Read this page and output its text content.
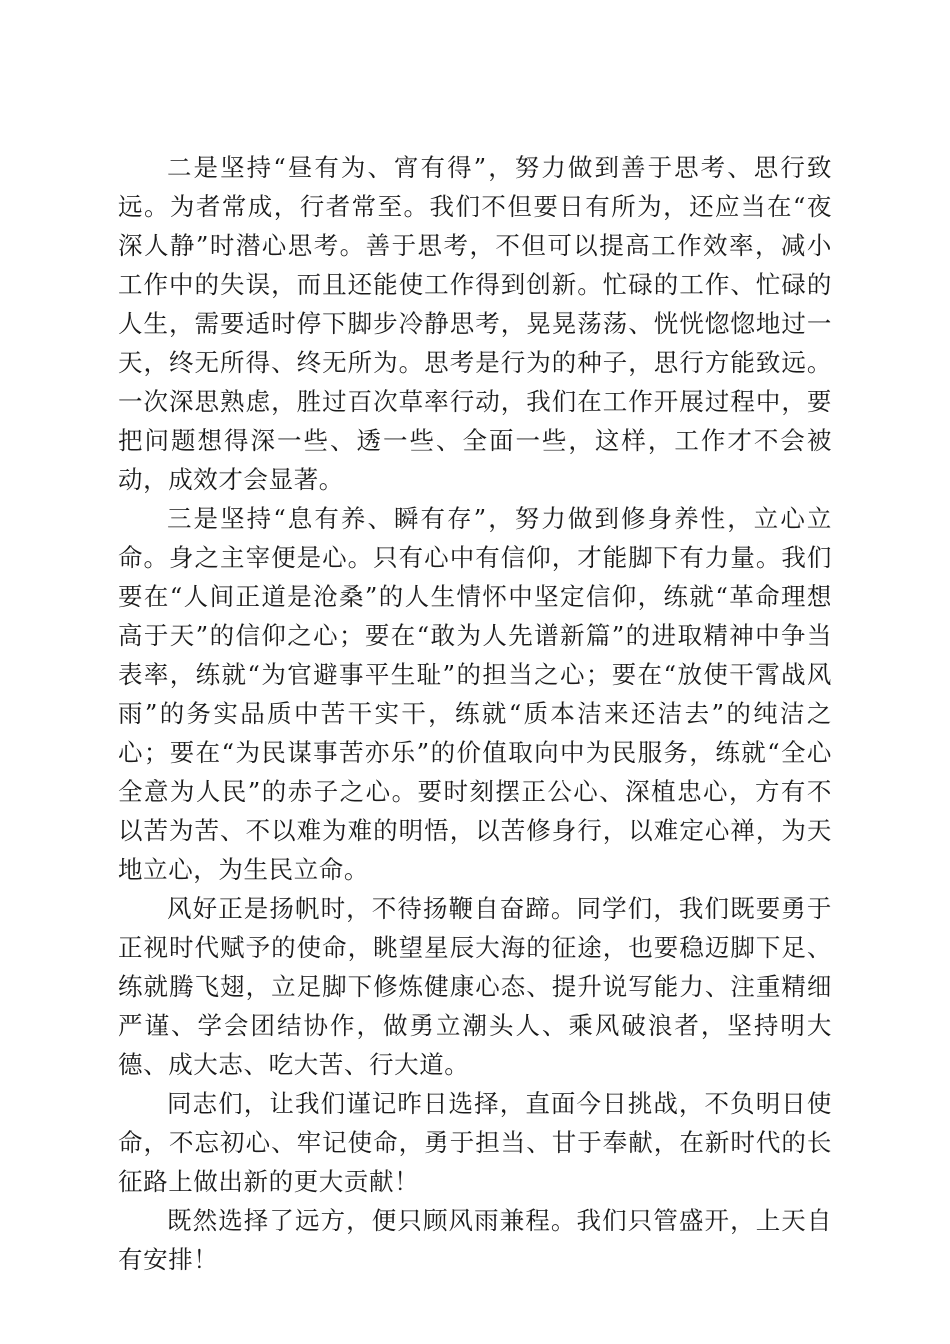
二是坚持“昼有为、宵有得”，努力做到善于思考、思行致远。为者常成，行者常至。我们不但要日有所为，还应当在“夜深人静”时潜心思考。善于思考，不但可以提高工作效率，减小工作中的失误，而且还能使工作得到创新。忙碌的工作、忙碌的人生，需要适时停下脚步冷静思考，晃晃荡荡、恍恍惚惚地过一天，终无所得、终无所为。思考是行为的种子，思行方能致远。一次深思熟虑，胜过百次草率行动，我们在工作开展过程中，要把问题想得深一些、透一些、全面一些，这样，工作才不会被动，成效才会显著。

三是坚持“息有养、瞬有存”，努力做到修身养性，立心立命。身之主宰便是心。只有心中有信仰，才能脚下有力量。我们要在“人间正道是沧桑”的人生情怀中坚定信仰，练就“革命理想高于天”的信仰之心；要在“敢为人先谱新篇”的进取精神中争当表率，练就“为官避事平生耻”的担当之心；要在“放使干霄战风雨”的务实品质中苦干实干，练就“质本洁来还洁去”的纯洁之心；要在“为民谋事苦亦乐”的价值取向中为民服务，练就“全心全意为人民”的赤子之心。要时刻摆正公心、深植忠心，方有不以苦为苦、不以难为难的明悟，以苦修身行，以难定心禅，为天地立心，为生民立命。

风好正是扬帆时，不待扬鞭自奋蹄。同学们，我们既要勇于正视时代赋予的使命，眺望星辰大海的征途，也要稳迈脚下足、练就腾飞翅，立足脚下修炼健康心态、提升说写能力、注重精细严谨、学会团结协作，做勇立潮头人、乘风破浪者，坚持明大德、成大志、吃大苦、行大道。

同志们，让我们谨记昨日选择，直面今日挑战，不负明日使命，不忘初心、牢记使命，勇于担当、甘于奉献，在新时代的长征路上做出新的更大贡献！

既然选择了远方，便只顾风雨兼程。我们只管盛开，上天自有安排！
